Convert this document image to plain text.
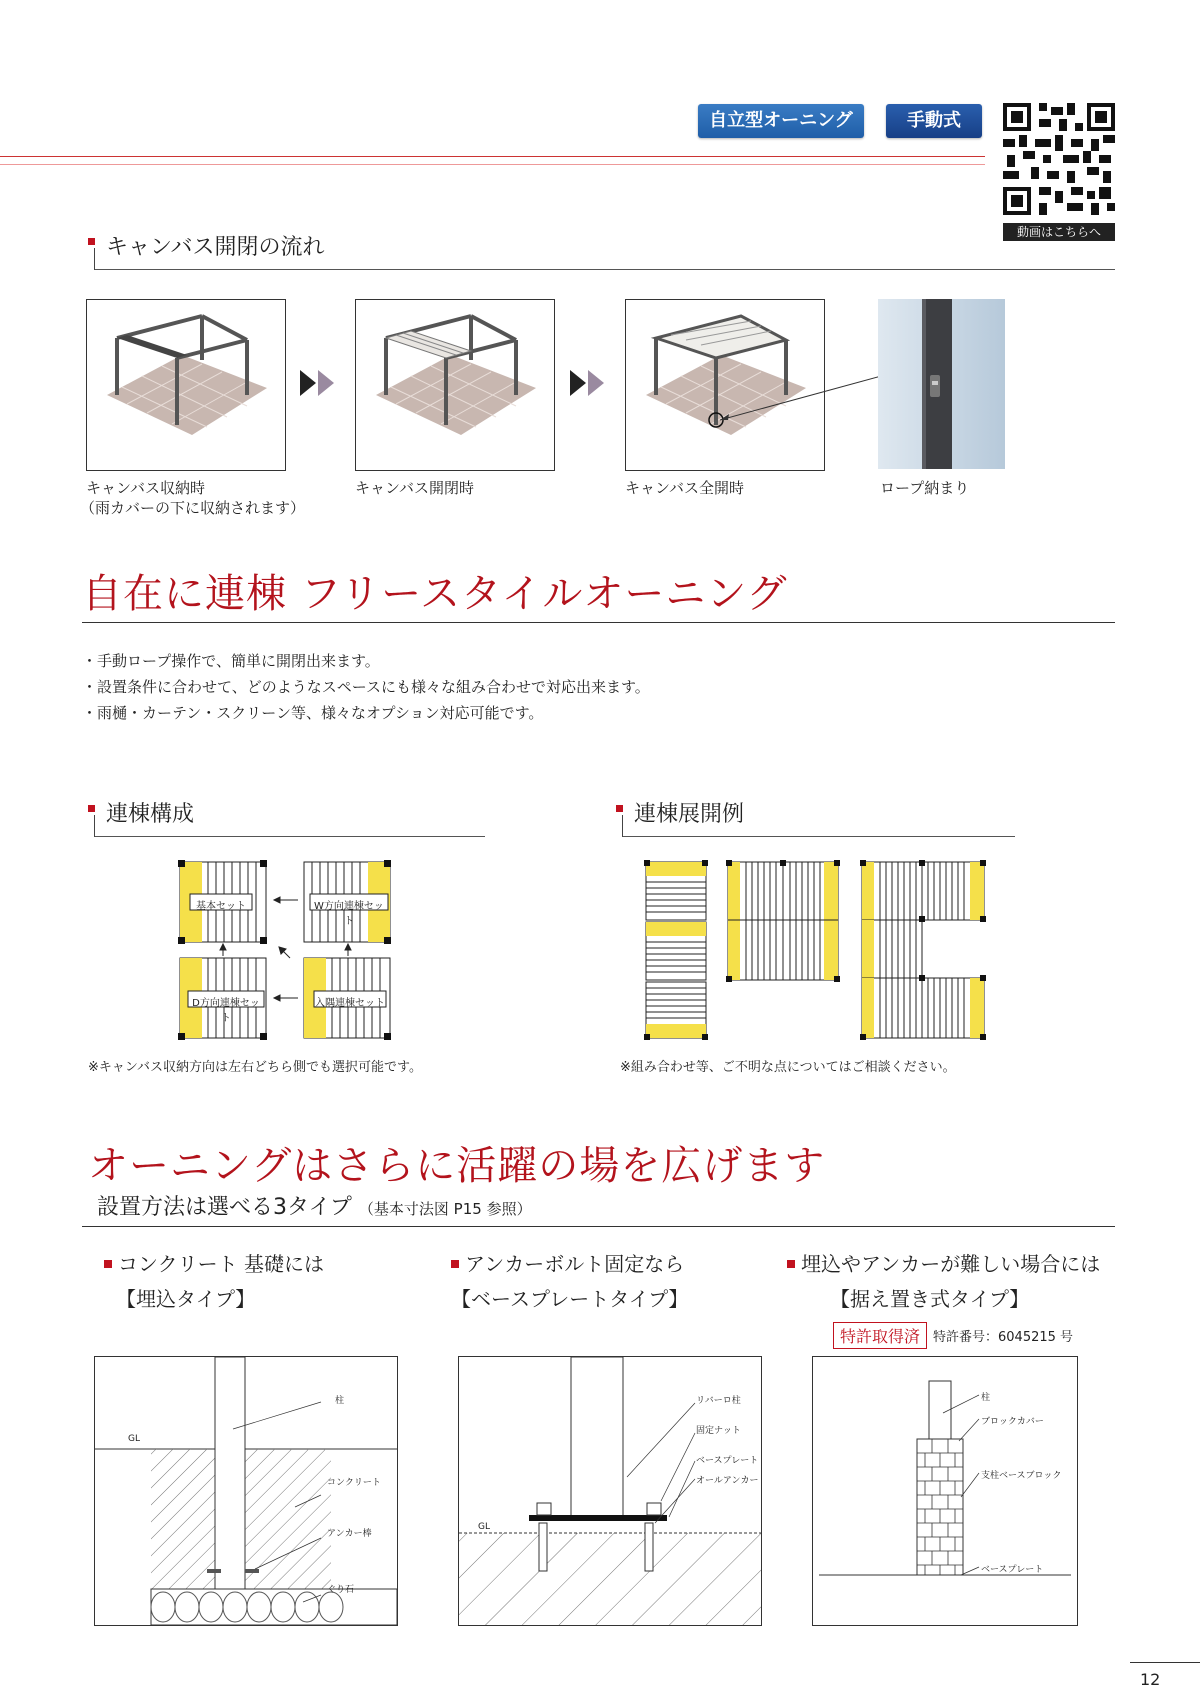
自立型オーニング	手動式
動画はこちらへ
キャンバス開閉の流れ
キャンバス収納時
（雨カバーの下に収納されます）
キャンバス開閉時	キャンバス全開時	ロープ納まり
自在に連棟 フリースタイルオーニング
・手動ロープ操作で、簡単に開閉出来ます。
・設置条件に合わせて、どのようなスペースにも様々な組み合わせで対応出来ます。
・雨樋・カーテン・スクリーン等、様々なオプション対応可能です。
連棟構成
基本セット	W方向連棟セット
D方向連棟セット
入隅連棟セット
※キャンバス収納方向は左右どちら側でも選択可能です。
連棟展開例
※組み合わせ等、ご不明な点についてはご相談ください。
オーニングはさらに活躍の場を広げます
設置方法は選べる3タイプ （基本寸法図 P15 参照）
コンクリート 基礎には
【埋込タイプ】
アンカーボルト固定なら
【ベースプレートタイプ】
埋込やアンカーが難しい場合には
【据え置き式タイプ】
特許取得済 特許番号：6045215 号
GL
柱
コンクリート
アンカー棒
ぐり石
GL
リバーロ柱
固定ナット
ベースプレート
オールアンカー
柱
ブロックカバー
支柱ベースブロック
ベースプレート
12
